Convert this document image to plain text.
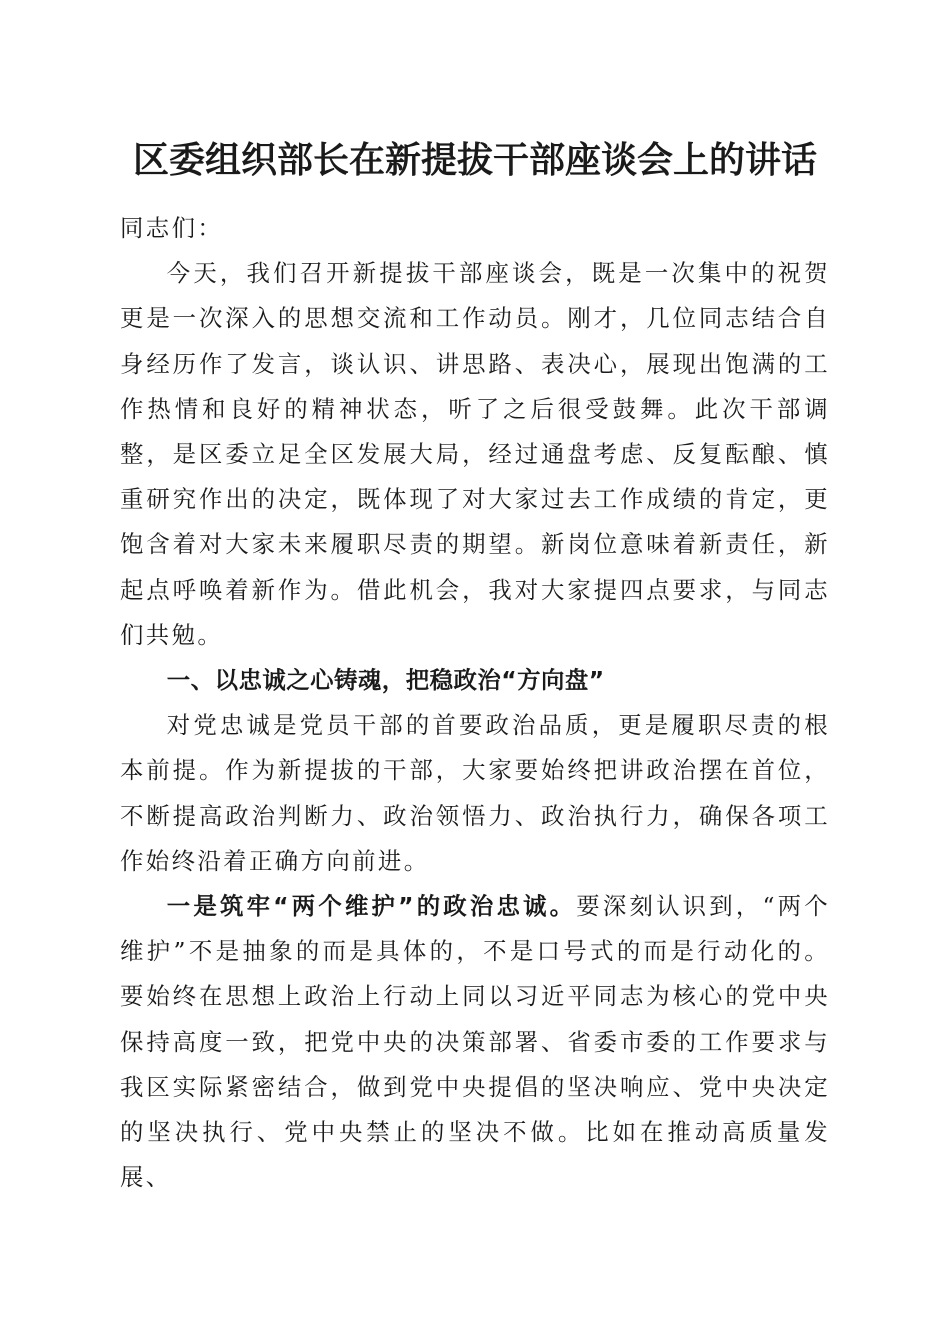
区委组织部长在新提拔干部座谈会上的讲话

同志们：

今天，我们召开新提拔干部座谈会，既是一次集中的祝贺更是一次深入的思想交流和工作动员。刚才，几位同志结合自身经历作了发言，谈认识、讲思路、表决心，展现出饱满的工作热情和良好的精神状态，听了之后很受鼓舞。此次干部调整，是区委立足全区发展大局，经过通盘考虑、反复酝酿、慎重研究作出的决定，既体现了对大家过去工作成绩的肯定，更饱含着对大家未来履职尽责的期望。新岗位意味着新责任，新起点呼唤着新作为。借此机会，我对大家提四点要求，与同志们共勉。

一、以忠诚之心铸魂，把稳政治“方向盘”

对党忠诚是党员干部的首要政治品质，更是履职尽责的根本前提。作为新提拔的干部，大家要始终把讲政治摆在首位，不断提高政治判断力、政治领悟力、政治执行力，确保各项工作始终沿着正确方向前进。

一是筑牢“两个维护”的政治忠诚。要深刻认识到，“两个维护”不是抽象的而是具体的，不是口号式的而是行动化的。要始终在思想上政治上行动上同以习近平同志为核心的党中央保持高度一致，把党中央的决策部署、省委市委的工作要求与我区实际紧密结合，做到党中央提倡的坚决响应、党中央决定的坚决执行、党中央禁止的坚决不做。比如在推动高质量发展、
